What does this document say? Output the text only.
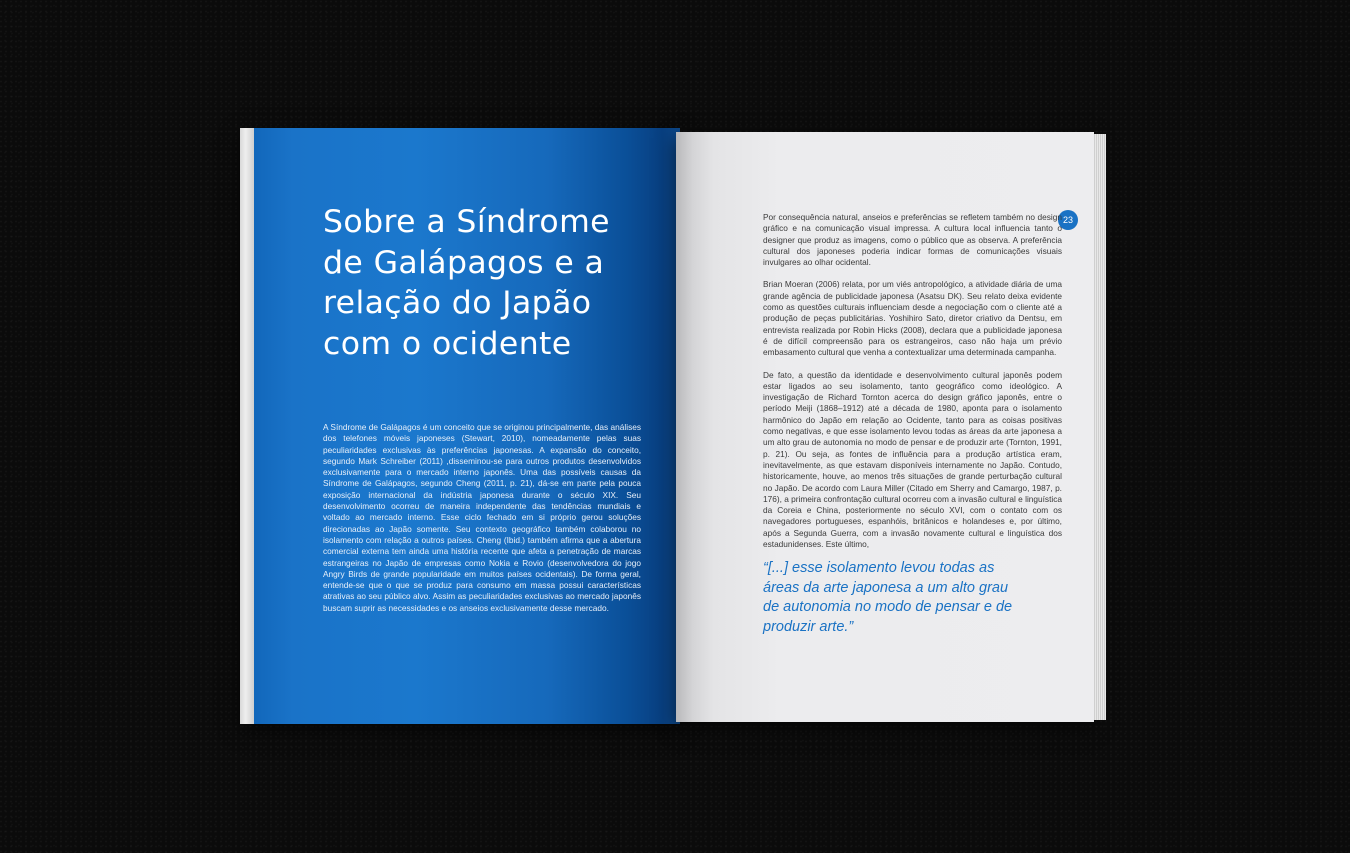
Sobre a Síndrome de Galápagos e a relação do Japão com o ocidente

A Síndrome de Galápagos é um conceito que se originou principalmente, das análises dos telefones móveis japoneses (Stewart, 2010), nomeadamente pelas suas peculiaridades exclusivas às preferências japonesas. A expansão do conceito, segundo Mark Schreiber (2011) ,disseminou-se para outros produtos desenvolvidos exclusivamente para o mercado interno japonês. Uma das possíveis causas da Síndrome de Galápagos, segundo Cheng (2011, p. 21), dá-se em parte pela pouca exposição internacional da indústria japonesa durante o século XIX. Seu desenvolvimento ocorreu de maneira independente das tendências mundiais e voltado ao mercado interno. Esse ciclo fechado em si próprio gerou soluções direcionadas ao Japão somente. Seu contexto geográfico também colaborou no isolamento com relação a outros países. Cheng (Ibid.) também afirma que a abertura comercial externa tem ainda uma história recente que afeta a penetração de marcas estrangeiras no Japão de empresas como Nokia e Rovio (desenvolvedora do jogo Angry Birds de grande popularidade em muitos países ocidentais). De forma geral, entende-se que o que se produz para consumo em massa possui características atrativas ao seu público alvo. Assim as peculiaridades exclusivas ao mercado japonês buscam suprir as necessidades e os anseios exclusivamente desse mercado.

23

Por consequência natural, anseios e preferências se refletem também no design gráfico e na comunicação visual impressa. A cultura local influencia tanto o designer que produz as imagens, como o público que as observa. A preferência cultural dos japoneses poderia indicar formas de comunicações visuais invulgares ao olhar ocidental.

Brian Moeran (2006) relata, por um viés antropológico, a atividade diária de uma grande agência de publicidade japonesa (Asatsu DK). Seu relato deixa evidente como as questões culturais influenciam desde a negociação com o cliente até a produção de peças publicitárias. Yoshihiro Sato, diretor criativo da Dentsu, em entrevista realizada por Robin Hicks (2008), declara que a publicidade japonesa é de difícil compreensão para os estrangeiros, caso não haja um prévio embasamento cultural que venha a contextualizar uma determinada campanha.

De fato, a questão da identidade e desenvolvimento cultural japonês podem estar ligados ao seu isolamento, tanto geográfico como ideológico. A investigação de Richard Tornton acerca do design gráfico japonês, entre o período Meiji (1868–1912) até a década de 1980, aponta para o isolamento harmônico do Japão em relação ao Ocidente, tanto para as coisas positivas como negativas, e que esse isolamento levou todas as áreas da arte japonesa a um alto grau de autonomia no modo de pensar e de produzir arte (Tornton, 1991, p. 21). Ou seja, as fontes de influência para a produção artística eram, inevitavelmente, as que estavam disponíveis internamente no Japão. Contudo, historicamente, houve, ao menos três situações de grande perturbação cultural no Japão. De acordo com Laura Miller (Citado em Sherry and Camargo, 1987, p. 176), a primeira confrontação cultural ocorreu com a invasão cultural e linguística da Coreia e China, posteriormente no século XVI, com o contato com os navegadores portugueses, espanhóis, britânicos e holandeses e, por último, após a Segunda Guerra, com a invasão novamente cultural e linguística dos estadunidenses. Este último,

“[...] esse isolamento levou todas as áreas da arte japonesa a um alto grau de autonomia no modo de pensar e de produzir arte.”
